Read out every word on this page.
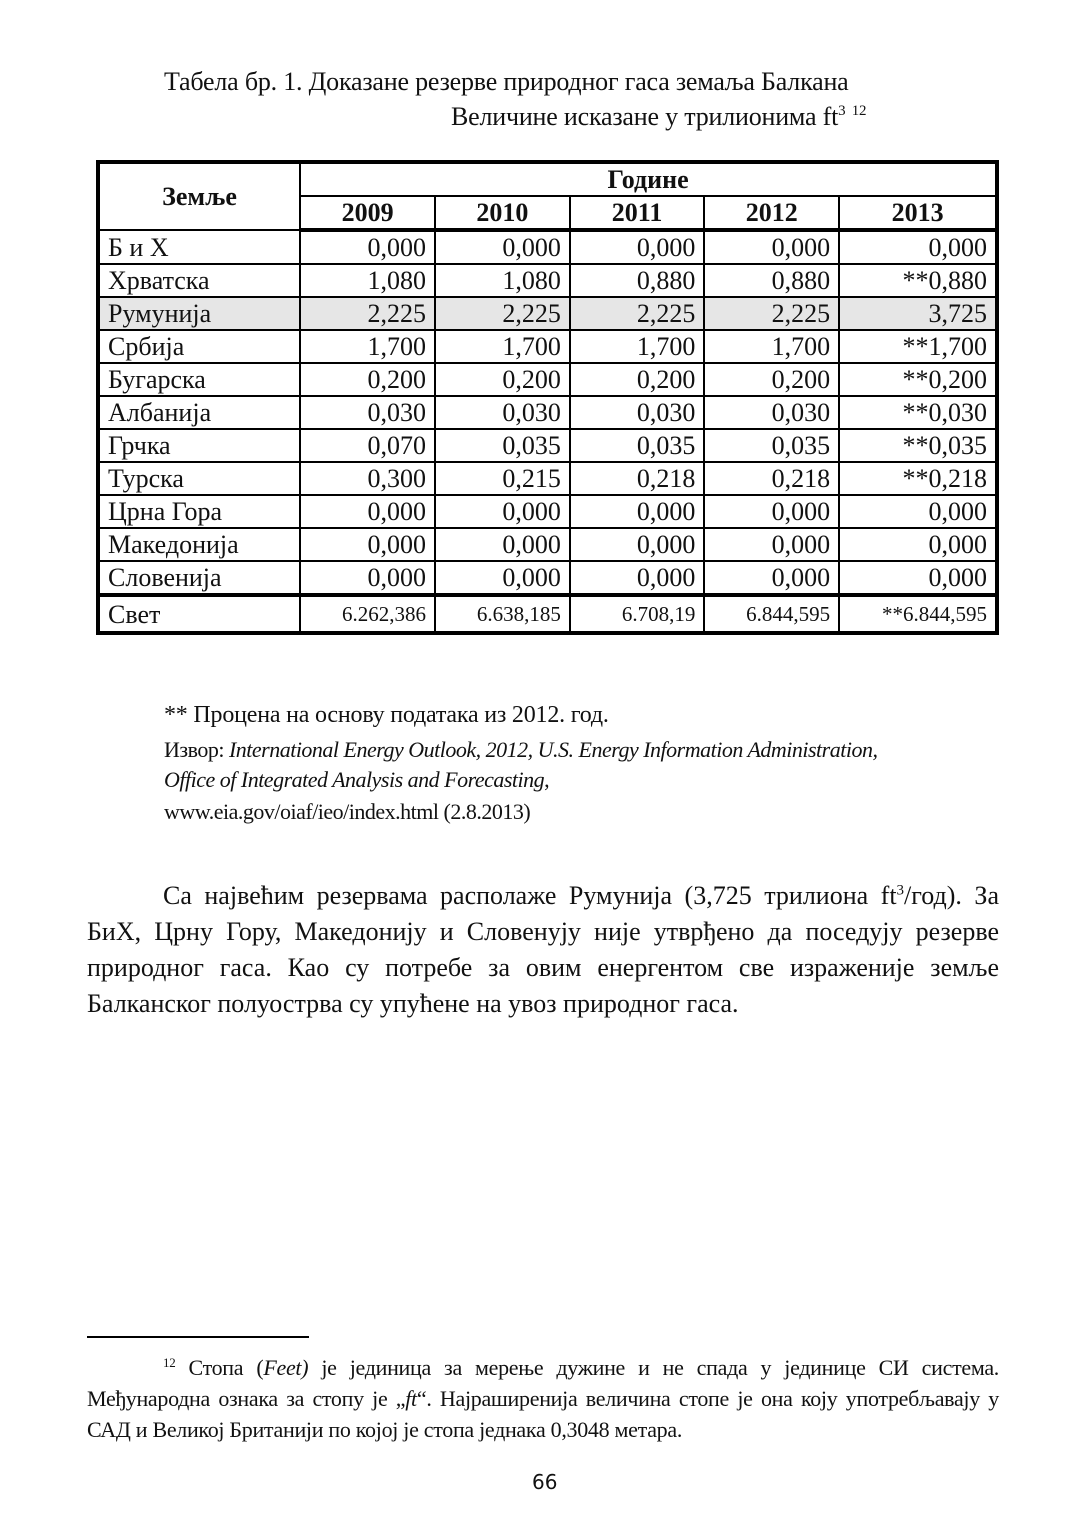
Табела бр. 1. Доказане резерве природног гаса земаља Балкана
Величине исказане у трилионима $ft^3$ $^{12}$
Земље	Године				
	2009	2010	2011	2012	2013
Б и Х	0,000	0,000	0,000	0,000	0,000
Хрватска	1,080	1,080	0,880	0,880	**0,880
Румунија	2,225	2,225	2,225	2,225	3,725
Србија	1,700	1,700	1,700	1,700	**1,700
Бугарска	0,200	0,200	0,200	0,200	**0,200
Албанија	0,030	0,030	0,030	0,030	**0,030
Грчка	0,070	0,035	0,035	0,035	**0,035
Турска	0,300	0,215	0,218	0,218	**0,218
Црна Гора	0,000	0,000	0,000	0,000	0,000
Македонија	0,000	0,000	0,000	0,000	0,000
Словенија	0,000	0,000	0,000	0,000	0,000
Свет	6.262,386	6.638,185	6.708,19	6.844,595	**6.844,595
** Процена на основу података из 2012. год.
Извор: International Energy Outlook, 2012, U.S. Energy Information Administration,
Office of Integrated Analysis and Forecasting,
www.eia.gov/oiaf/ieo/index.html (2.8.2013)
Са највећим резервама располаже Румунија (3,725 трилиона $ft^3/год$). За БиХ, Црну Гору, Македонију и Словенују није утврђено да поседују резерве природног гаса. Као су потребе за овим енергентом све израженије земље Балканског полуострва су упућене на увоз природног гаса.
$^{12}$ Стопа (Feet) је јединица за мерење дужине и не спада у јединице СИ система. Међународна ознака за стопу је „ft“. Најраширенија величина стопе је она коју употребљавају у САД и Великој Британији по којој је стопа једнака 0,3048 метара.
66
